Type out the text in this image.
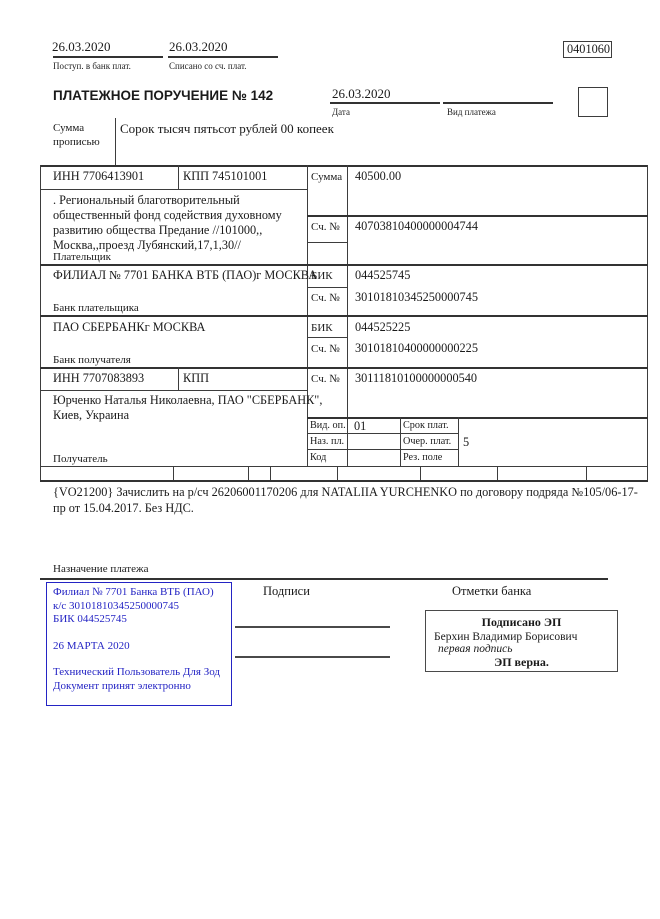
26.03.2020
Поступ. в банк плат.
26.03.2020
Списано со сч. плат.
0401060
ПЛАТЕЖНОЕ ПОРУЧЕНИЕ № 142	26.03.2020
Дата	Вид платежа
Сумма прописью
Сорок тысяч пятьсот рублей 00 копеек
ИНН 7706413901	КПП 745101001	Сумма 40500.00
. Региональный благотворительный
общественный фонд содействия духовному
развитию общества Предание //101000,,
Москва,,проезд Лубянский,17,1,30//
Плательщик
Сч. № 40703810400000004744
ФИЛИАЛ № 7701 БАНКА ВТБ (ПАО)г МОСКВА
БИК 044525745
Сч. № 30101810345250000745
Банк плательщика
ПАО СБЕРБАНКг МОСКВА	БИК 044525225
Сч. № 30101810400000000225
Банк получателя
ИНН 7707083893	КПП	Сч. № 30111810100000000540
Юрченко Наталья Николаевна, ПАО "СБЕРБАНК",
Киев, Украина
Получатель
Вид. оп. 01	Срок плат.
Наз. пл.	Очер. плат. 5
Код	Рез. поле
{VO21200} Зачислить на р/сч 26206001170206 для NATALIIA YURCHENKO по договору подряда №105/06-17-пр от 15.04.2017. Без НДС.
Назначение платежа
Филиал № 7701 Банка ВТБ (ПАО)
к/с 30101810345250000745
БИК 044525745
26 МАРТА 2020
Технический Пользователь Для Зод
Документ принят электронно
Подписи	Отметки банка
Подписано ЭП
Берхин Владимир Борисович
первая подпись
ЭП верна.
